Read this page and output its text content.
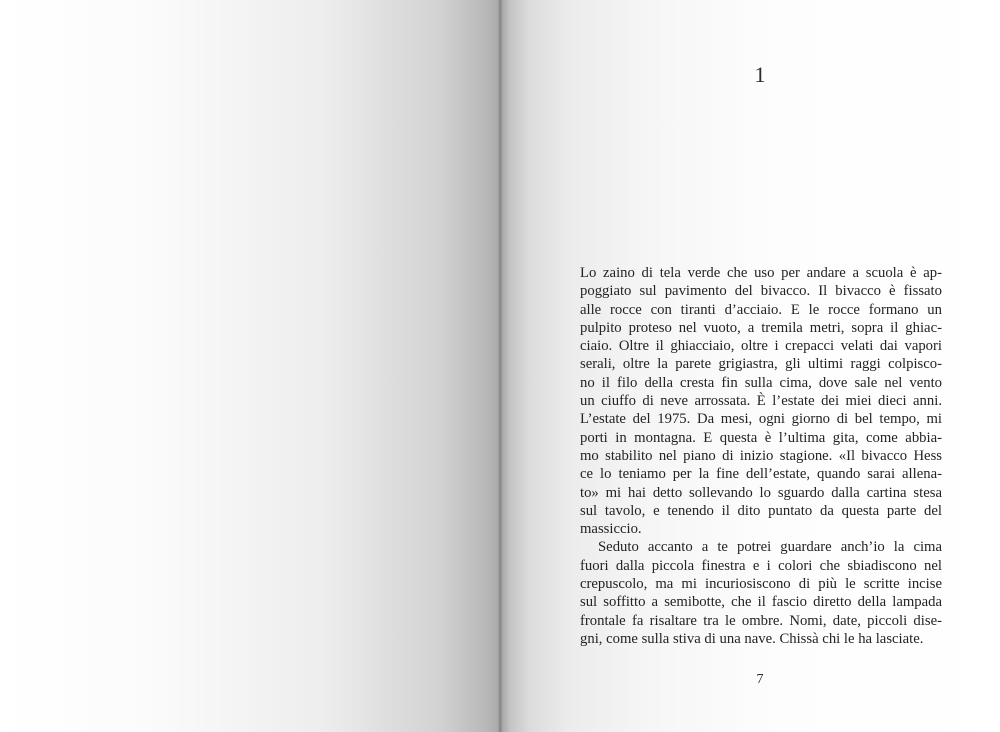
1
Lo zaino di tela verde che uso per andare a scuola è ap-
poggiato sul pavimento del bivacco. Il bivacco è fissato
alle rocce con tiranti d’acciaio. E le rocce formano un
pulpito proteso nel vuoto, a tremila metri, sopra il ghiac-
ciaio. Oltre il ghiacciaio, oltre i crepacci velati dai vapori
serali, oltre la parete grigiastra, gli ultimi raggi colpisco-
no il filo della cresta fin sulla cima, dove sale nel vento
un ciuffo di neve arrossata. È l’estate dei miei dieci anni.
L’estate del 1975. Da mesi, ogni giorno di bel tempo, mi
porti in montagna. E questa è l’ultima gita, come abbia-
mo stabilito nel piano di inizio stagione. «Il bivacco Hess
ce lo teniamo per la fine dell’estate, quando sarai allena-
to» mi hai detto sollevando lo sguardo dalla cartina stesa
sul tavolo, e tenendo il dito puntato da questa parte del
massiccio.
Seduto accanto a te potrei guardare anch’io la cima
fuori dalla piccola finestra e i colori che sbiadiscono nel
crepuscolo, ma mi incuriosiscono di più le scritte incise
sul soffitto a semibotte, che il fascio diretto della lampada
frontale fa risaltare tra le ombre. Nomi, date, piccoli dise-
gni, come sulla stiva di una nave. Chissà chi le ha lasciate.
7
